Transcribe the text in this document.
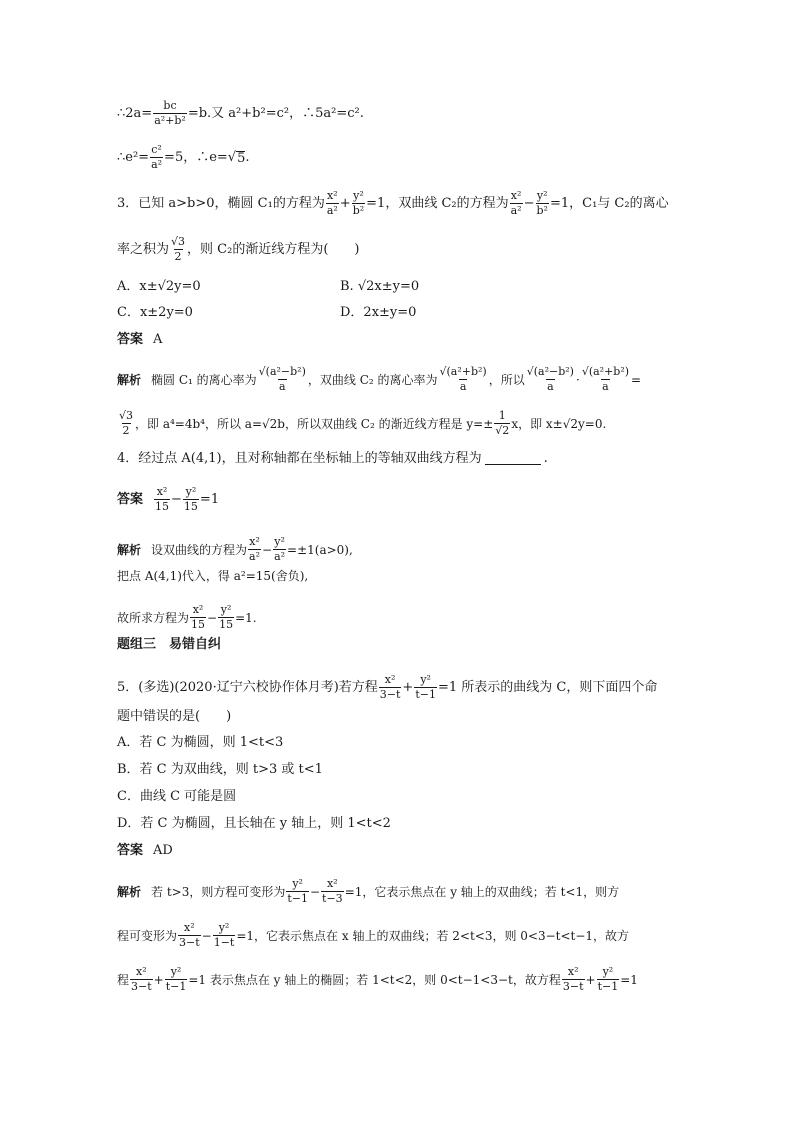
∴2a= $\frac{bc}{\text{a²+b²}} =b$.又 a²+b²=c²，∴5a²=c².
∴e²= $\frac{\text{c²}}{\text{a²}} =5$，∴e= √ 5 .
3．已知 a>b>0，椭圆 C₁的方程为 $\frac{\text{x²}}{\text{a²}} + \frac{\text{y²}}{\text{b²}} =1$，双曲线 C₂的方程为 $\frac{\text{x²}}{\text{a²}} - \frac{\text{y²}}{\text{b²}} =1$，C₁与 C₂的离心
率之积为 $\frac{√3}{2}$ ，则 C₂的渐近线方程为(　　)
A．x±√2y=0	B. √2x±y=0
C．x±2y=0	D．2x±y=0
答案 A
解析 椭圆 C₁ 的离心率为 $\frac{\text{√(a²−b²)}}{a}$ ，双曲线 C₂ 的离心率为 $\frac{\text{√(a²+b²)}}{a}$ ，所以 $\frac{\text{√(a²−b²)}}{a} \cdot \frac{\text{√(a²+b²)}}{a}$ =
$\frac{√3}{2}$ ，即 a⁴=4b⁴，所以 a=√2b，所以双曲线 C₂ 的渐近线方程是 $y=\pm \frac{1}{√2}$ x，即 x±√2y=0.
4．经过点 A(4,1)，且对称轴都在坐标轴上的等轴双曲线方程为	.
答案 $\frac{\text{x²}}{15} - \frac{\text{y²}}{15} =1$
解析 设双曲线的方程为 $\frac{\text{x²}}{\text{a²}} - \frac{\text{y²}}{\text{a²}} =\pm 1(a>0)$,
把点 A(4,1)代入，得 a²=15(舍负),
故所求方程为 $\frac{\text{x²}}{15} - \frac{\text{y²}}{15} =1$.
题组三　易错自纠
5．(多选)(2020·辽宁六校协作体月考)若方程 $\frac{\text{x²}}{3-t} + \frac{\text{y²}}{t-1} =1$ 所表示的曲线为 C，则下面四个命
题中错误的是(　　)
A．若 C 为椭圆，则 1<t<3
B．若 C 为双曲线，则 t>3 或 t<1
C．曲线 C 可能是圆
D．若 C 为椭圆，且长轴在 y 轴上，则 1<t<2
答案 AD
解析 若 t>3，则方程可变形为 $\frac{\text{y²}}{t-1} - \frac{\text{x²}}{t-3} =1$，它表示焦点在 y 轴上的双曲线；若 t<1，则方
程可变形为 $\frac{\text{x²}}{3-t} - \frac{\text{y²}}{1-t} =1$，它表示焦点在 x 轴上的双曲线；若 2<t<3，则 0<3−t<t−1，故方
程 $\frac{\text{x²}}{3-t} + \frac{\text{y²}}{t-1} =1$ 表示焦点在 y 轴上的椭圆；若 1<t<2，则 0<t−1<3−t，故方程 $\frac{\text{x²}}{3-t} + \frac{\text{y²}}{t-1} =1$
